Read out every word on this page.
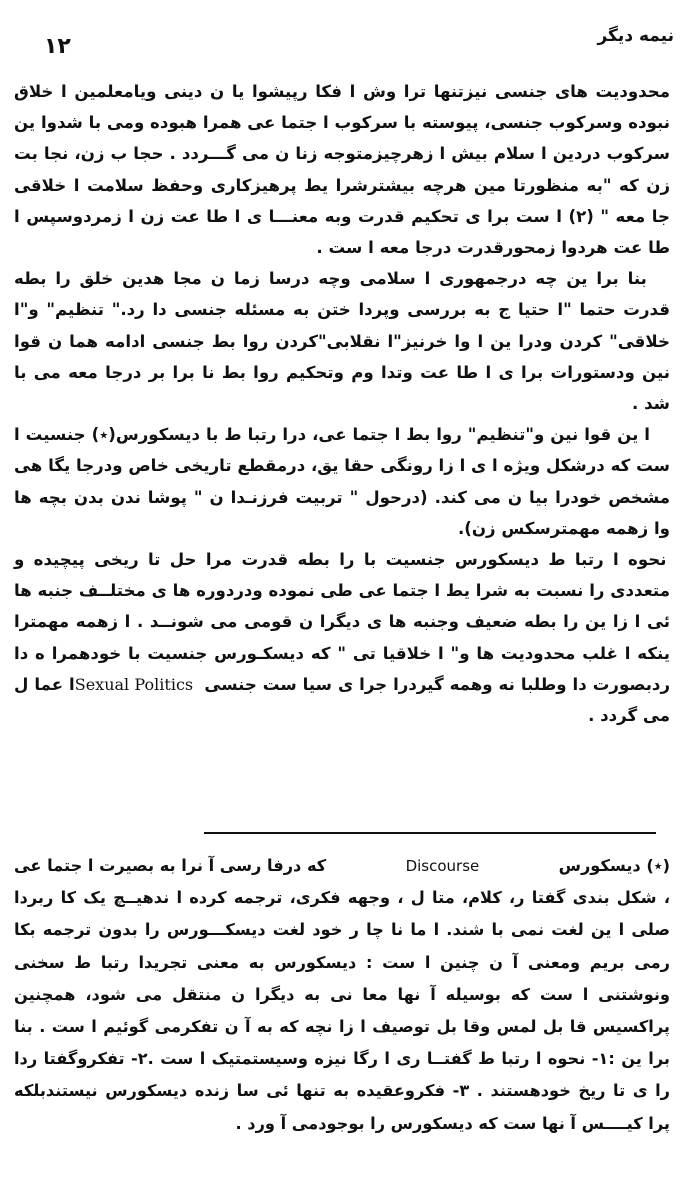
۱۲	نیمه دیگر

محدودیت های جنسی نیزتنها ترا وش ا فکا رپیشوا یا ن دینی ویامعلمین ا خلاق نبوده وسرکوب جنسی، پیوسته با سرکوب ا جتما عی همرا هبوده ومی با شدوا ین سرکوب دردین ا سلام بیش ا زهرچیزمتوجه زنا ن می گـــردد . حجا ب زن، نجا بت زن که "به منظورتا مین هرچه بیشترشرا یط پرهیزکاری وحفظ سلامت ا خلاقی جا معه " (۲) ا ست برا ی تحکیم قدرت وبه معنـــا ی ا طا عت زن ا زمردوسپس ا طا عت هردوا زمحورقدرت درجا معه ا ست .

بنا برا ین چه درجمهوری ا سلامی وچه درسا زما ن مجا هدین خلق را بطه قدرت حتما "ا حتیا ج به بررسی وپردا ختن به مسئله جنسی دا رد." تنظیم" و"ا خلاقی" کردن ودرا ین ا وا خرنیز"ا نقلابی"کردن روا بط جنسی ادامه هما ن قوا نین ودستورات برا ی ا طا عت وتدا وم وتحکیم روا بط نا برا بر درجا معه می با شد .

ا ین قوا نین و"تنظیم" روا بط ا جتما عی، درا رتبا ط با دیسکورس(٭) جنسیت ا ست که درشکل ویژه ا ی ا زا رونگی حقا یق، درمقطع تاریخی خاص ودرجا یگا هی مشخص خودرا بیا ن می کند. (درحول " تربیت فرزنـدا ن " پوشا ندن بدن بچه ها وا زهمه مهمترسکس زن).

نحوه ا رتبا ط دیسکورس جنسیت با را بطه قدرت مرا حل تا ریخی پیچیده و متعددی را نسبت به شرا یط ا جتما عی طی نموده ودردوره ها ی مختلــف جنبه ها ئی ا زا ین را بطه ضعیف وجنبه ها ی دیگرا ن قومی می شونــد . ا زهمه مهمترا ینکه ا غلب محدودیت ها و" ا خلاقیا تی " که دیسکـورس جنسیت با خودهمرا ه دا ردبصورت دا وطلبا نه وهمه گیردرا جرا ی سیا ست جنسی Sexual Politics ا عما ل می گردد .

(٭) دیسکورس
Discourse
که درفا رسی آ نرا به بصیرت ا جتما عی

، شکل بندی گفتا ر، کلام، متا ل ، وجهه فکری، ترجمه کرده ا ندهیــچ یک کا ربردا صلی ا ین لغت نمی با شند. ا ما نا چا ر خود لغت دیسکـــورس را بدون ترجمه بکا رمی بریم ومعنی آ ن چنین ا ست : دیسکورس به معنی تجریدا رتبا ط سخنی ونوشتنی ا ست که بوسیله آ نها معا نی به دیگرا ن منتقل می شود، همچنین پراکسیس قا بل لمس وقا بل توصیف ا زا نچه که به آ ن تفکرمی گوئیم ا ست . بنا برا ین :۱- نحوه ا رتبا ط گفتــا ری ا رگا نیزه وسیستمتیک ا ست .۲- تفکروگفتا ردا را ی تا ریخ خودهستند . ۳- فکروعقیده به تنها ئی سا زنده دیسکورس نیستندبلکه پرا کیــــس آ نها ست که دیسکورس را بوجودمی آ ورد .
